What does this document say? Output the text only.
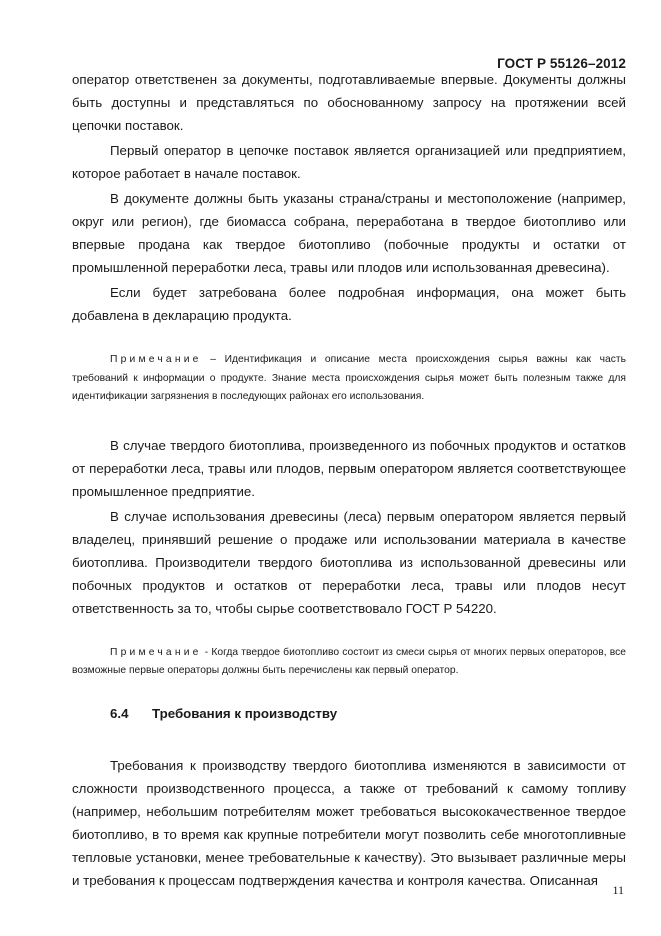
ГОСТ Р 55126–2012

оператор ответственен за документы, подготавливаемые впервые. Документы должны быть доступны и представляться по обоснованному запросу на протяжении всей цепочки поставок.

Первый оператор в цепочке поставок является организацией или предприятием, которое работает в начале поставок.

В документе должны быть указаны страна/страны и местоположение (например, округ или регион), где биомасса собрана, переработана в твердое биотопливо или впервые продана как твердое биотопливо (побочные продукты и остатки от промышленной переработки леса, травы или плодов или использованная древесина).

Если будет затребована более подробная информация, она может быть добавлена в декларацию продукта.

Примечание – Идентификация и описание места происхождения сырья важны как часть требований к информации о продукте. Знание места происхождения сырья может быть полезным также для идентификации загрязнения в последующих районах его использования.

В случае твердого биотоплива, произведенного из побочных продуктов и остатков от переработки леса, травы или плодов, первым оператором является соответствующее промышленное предприятие.

В случае использования древесины (леса) первым оператором является первый владелец, принявший решение о продаже или использовании материала в качестве биотоплива. Производители твердого биотоплива из использованной древесины или побочных продуктов и остатков от переработки леса, травы или плодов несут ответственность за то, чтобы сырье соответствовало ГОСТ Р 54220.

Примечание - Когда твердое биотопливо состоит из смеси сырья от многих первых операторов, все возможные первые операторы должны быть перечислены как первый оператор.

6.4 Требования к производству

Требования к производству твердого биотоплива изменяются в зависимости от сложности производственного процесса, а также от требований к самому топливу (например, небольшим потребителям может требоваться высококачественное твердое биотопливо, в то время как крупные потребители могут позволить себе многотопливные тепловые установки, менее требовательные к качеству). Это вызывает различные меры и требования к процессам подтверждения качества и контроля качества. Описанная

11
